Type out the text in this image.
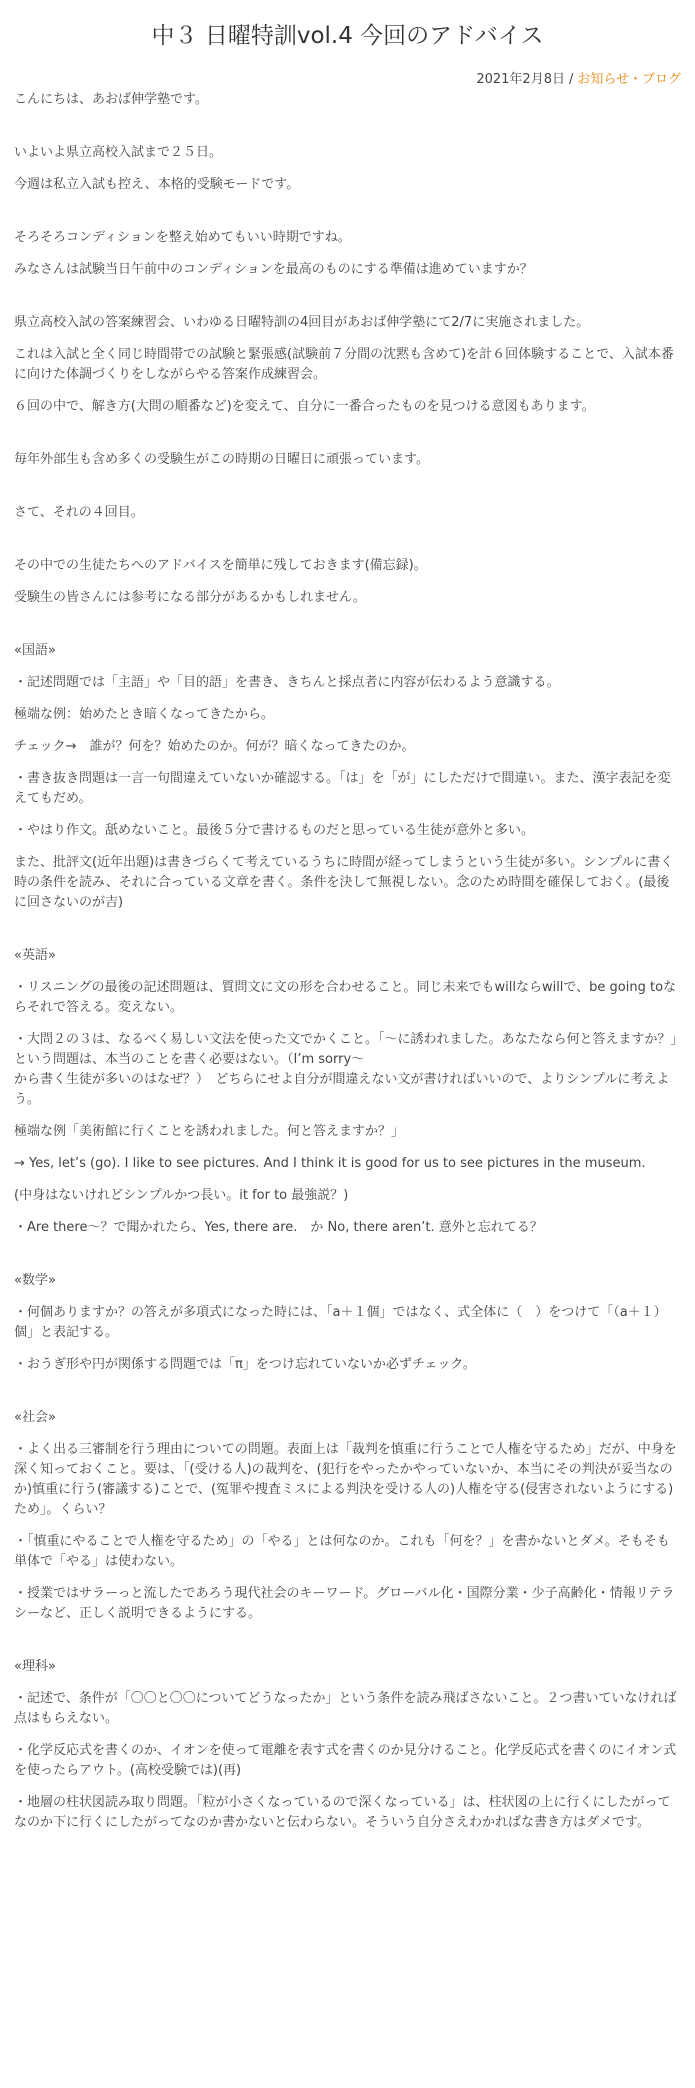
中３ 日曜特訓vol.4 今回のアドバイス
2021年2月8日 / お知らせ・ブログ

こんにちは、あおば伸学塾です。

いよいよ県立高校入試まで２５日。

今週は私立入試も控え、本格的受験モードです。

そろそろコンディションを整え始めてもいい時期ですね。

みなさんは試験当日午前中のコンディションを最高のものにする準備は進めていますか？

県立高校入試の答案練習会、いわゆる日曜特訓の4回目があおば伸学塾にて2/7に実施されました。

これは入試と全く同じ時間帯での試験と緊張感(試験前７分間の沈黙も含めて)を計６回体験することで、入試本番に向けた体調づくりをしながらやる答案作成練習会。

６回の中で、解き方(大問の順番など)を変えて、自分に一番合ったものを見つける意図もあります。

毎年外部生も含め多くの受験生がこの時期の日曜日に頑張っています。

さて、それの４回目。

その中での生徒たちへのアドバイスを簡単に残しておきます(備忘録)。

受験生の皆さんには参考になる部分があるかもしれません。

«国語»

・記述問題では「主語」や「目的語」を書き、きちんと採点者に内容が伝わるよう意識する。

極端な例：始めたとき暗くなってきたから。

チェック→　誰が？何を？始めたのか。何が？暗くなってきたのか。

・書き抜き問題は一言一句間違えていないか確認する。「は」を「が」にしただけで間違い。また、漢字表記を変えてもだめ。

・やはり作文。舐めないこと。最後５分で書けるものだと思っている生徒が意外と多い。

また、批評文(近年出題)は書きづらくて考えているうちに時間が経ってしまうという生徒が多い。シンプルに書く時の条件を読み、それに合っている文章を書く。条件を決して無視しない。念のため時間を確保しておく。(最後に回さないのが吉)

«英語»

・リスニングの最後の記述問題は、質問文に文の形を合わせること。同じ未来でもwillならwillで、be going toならそれで答える。変えない。

・大問２の３は、なるべく易しい文法を使った文でかくこと。「～に誘われました。あなたなら何と答えますか？」という問題は、本当のことを書く必要はない。（I’m sorry～
から書く生徒が多いのはなぜ？）　どちらにせよ自分が間違えない文が書ければいいので、よりシンプルに考えよう。

極端な例「美術館に行くことを誘われました。何と答えますか？」

→ Yes, let’s (go). I like to see pictures. And I think it is good for us to see pictures in the museum.

(中身はないけれどシンプルかつ長い。it for to 最強説？)

・Are there～？で聞かれたら、Yes, there are.　か No, there aren’t. 意外と忘れてる？

«数学»

・何個ありますか？の答えが多項式になった時には、「a＋１個」ではなく、式全体に（　）をつけて「（a＋１）個」と表記する。

・おうぎ形や円が関係する問題では「π」をつけ忘れていないか必ずチェック。

«社会»

・よく出る三審制を行う理由についての問題。表面上は「裁判を慎重に行うことで人権を守るため」だが、中身を深く知っておくこと。要は、「(受ける人)の裁判を、(犯行をやったかやっていないか、本当にその判決が妥当なのか)慎重に行う(審議する)ことで、(冤罪や捜査ミスによる判決を受ける人の)人権を守る(侵害されないようにする)ため」。くらい？

・「慎重にやることで人権を守るため」の「やる」とは何なのか。これも「何を？」を書かないとダメ。そもそも単体で「やる」は使わない。

・授業ではサラーっと流したであろう現代社会のキーワード。グローバル化・国際分業・少子高齢化・情報リテラシーなど、正しく説明できるようにする。

«理科»

・記述で、条件が「〇〇と〇〇についてどうなったか」という条件を読み飛ばさないこと。２つ書いていなければ点はもらえない。

・化学反応式を書くのか、イオンを使って電離を表す式を書くのか見分けること。化学反応式を書くのにイオン式を使ったらアウト。(高校受験では)(再)

・地層の柱状図読み取り問題。「粒が小さくなっているので深くなっている」は、柱状図の上に行くにしたがってなのか下に行くにしたがってなのか書かないと伝わらない。そういう自分さえわかればな書き方はダメです。
